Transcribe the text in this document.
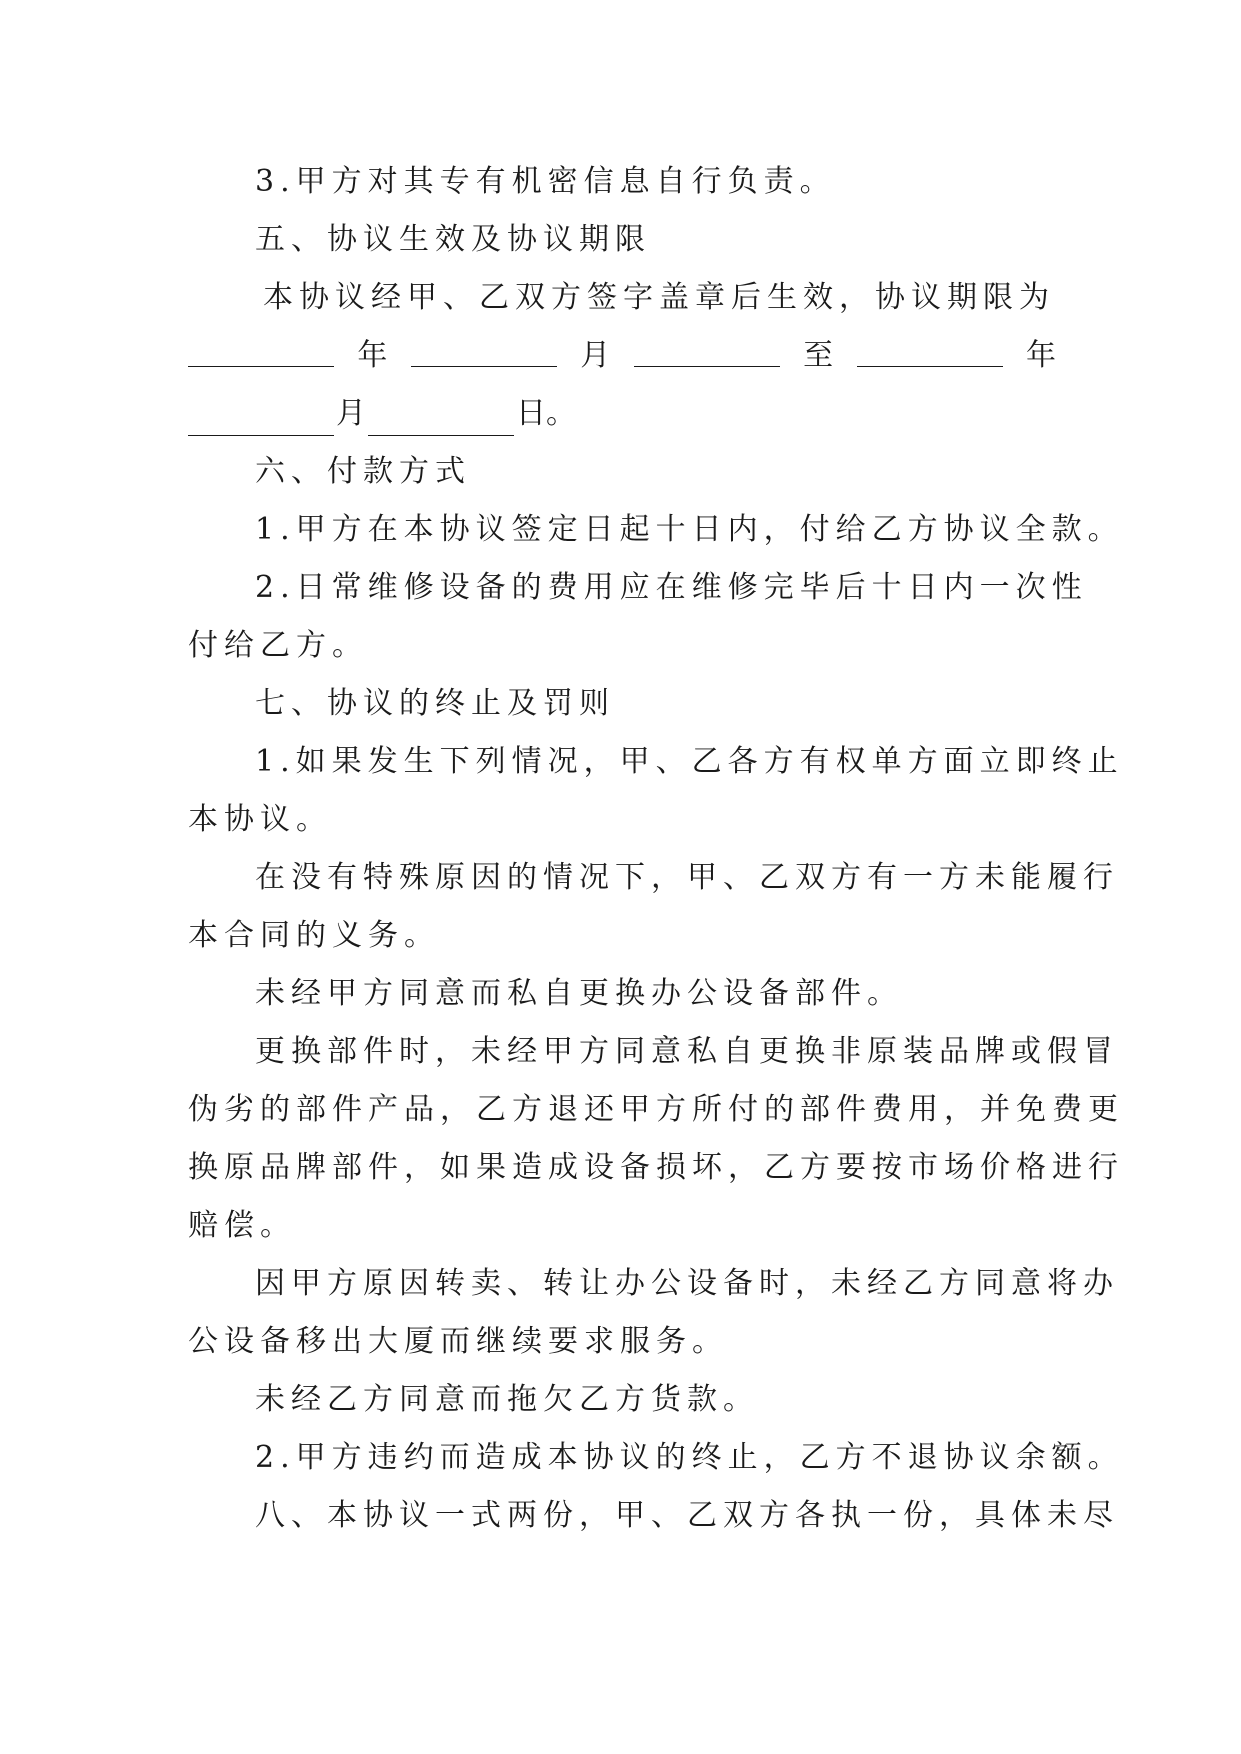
3.甲方对其专有机密信息自行负责。
五、协议生效及协议期限
本协议经甲、乙双方签字盖章后生效，协议期限为
年	月	至	年
月	日。
六、付款方式
1.甲方在本协议签定日起十日内，付给乙方协议全款。
2.日常维修设备的费用应在维修完毕后十日内一次性
付给乙方。
七、协议的终止及罚则
1.如果发生下列情况，甲、乙各方有权单方面立即终止
本协议。
在没有特殊原因的情况下，甲、乙双方有一方未能履行
本合同的义务。
未经甲方同意而私自更换办公设备部件。
更换部件时，未经甲方同意私自更换非原装品牌或假冒
伪劣的部件产品，乙方退还甲方所付的部件费用，并免费更
换原品牌部件，如果造成设备损坏，乙方要按市场价格进行
赔偿。
因甲方原因转卖、转让办公设备时，未经乙方同意将办
公设备移出大厦而继续要求服务。
未经乙方同意而拖欠乙方货款。
2.甲方违约而造成本协议的终止，乙方不退协议余额。
八、本协议一式两份，甲、乙双方各执一份，具体未尽
